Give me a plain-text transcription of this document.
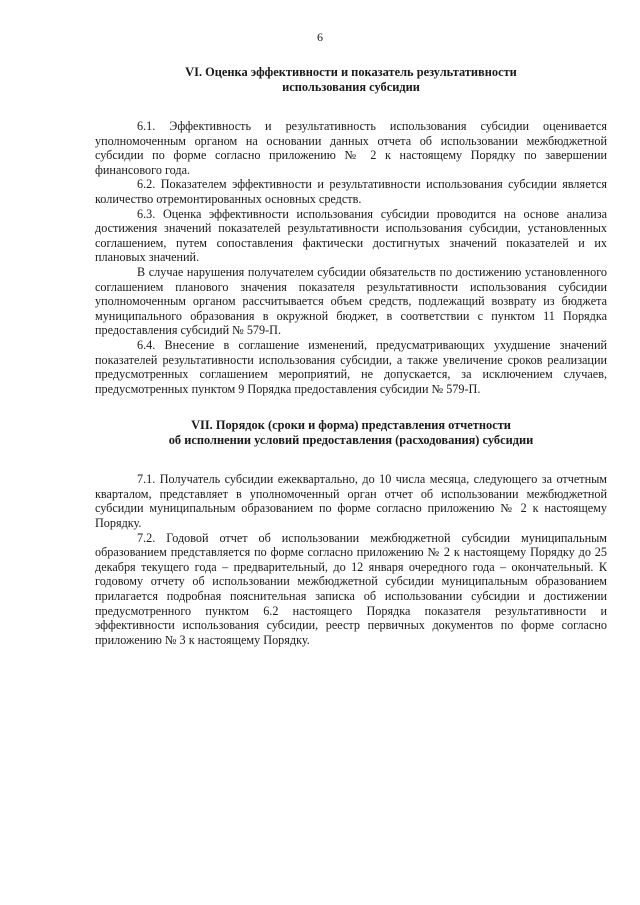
6
VI. Оценка эффективности и показатель результативности
использования субсидии

6.1. Эффективность и результативность использования субсидии оценивается уполномоченным органом на основании данных отчета об использовании межбюджетной субсидии по форме согласно приложению № 2 к настоящему Порядку по завершении финансового года.

6.2. Показателем эффективности и результативности использования субсидии является количество отремонтированных основных средств.

6.3. Оценка эффективности использования субсидии проводится на основе анализа достижения значений показателей результативности использования субсидии, установленных соглашением, путем сопоставления фактически достигнутых значений показателей и их плановых значений.

В случае нарушения получателем субсидии обязательств по достижению установленного соглашением планового значения показателя результативности использования субсидии уполномоченным органом рассчитывается объем средств, подлежащий возврату из бюджета муниципального образования в окружной бюджет, в соответствии с пунктом 11 Порядка предоставления субсидий № 579-П.

6.4. Внесение в соглашение изменений, предусматривающих ухудшение значений показателей результативности использования субсидии, а также увеличение сроков реализации предусмотренных соглашением мероприятий, не допускается, за исключением случаев, предусмотренных пунктом 9 Порядка предоставления субсидии № 579-П.

VII. Порядок (сроки и форма) представления отчетности
об исполнении условий предоставления (расходования) субсидии

7.1. Получатель субсидии ежеквартально, до 10 числа месяца, следующего за отчетным кварталом, представляет в уполномоченный орган отчет об использовании межбюджетной субсидии муниципальным образованием по форме согласно приложению № 2 к настоящему Порядку.

7.2. Годовой отчет об использовании межбюджетной субсидии муниципальным образованием представляется по форме согласно приложению № 2 к настоящему Порядку до 25 декабря текущего года – предварительный, до 12 января очередного года – окончательный. К годовому отчету об использовании межбюджетной субсидии муниципальным образованием прилагается подробная пояснительная записка об использовании субсидии и достижении предусмотренного пунктом 6.2 настоящего Порядка показателя результативности и эффективности использования субсидии, реестр первичных документов по форме согласно приложению № 3 к настоящему Порядку.
